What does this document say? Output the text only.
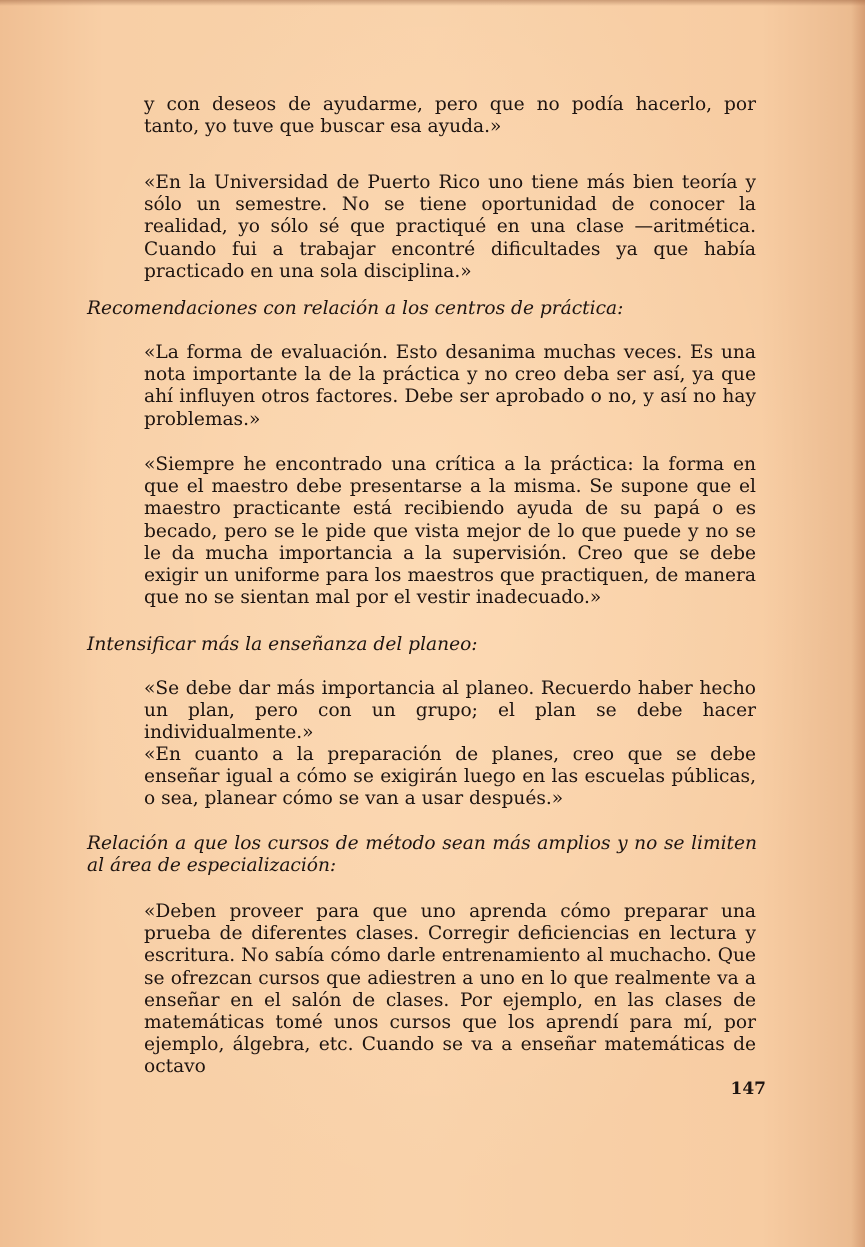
y con deseos de ayudarme, pero que no podía hacerlo, por tanto, yo tuve que buscar esa ayuda.»

«En la Universidad de Puerto Rico uno tiene más bien teoría y sólo un semestre. No se tiene oportunidad de conocer la realidad, yo sólo sé que practiqué en una clase —aritmética. Cuando fui a trabajar encontré dificultades ya que había practicado en una sola disciplina.»

Recomendaciones con relación a los centros de práctica:

«La forma de evaluación. Esto desanima muchas veces. Es una nota importante la de la práctica y no creo deba ser así, ya que ahí influyen otros factores. Debe ser aprobado o no, y así no hay problemas.»

«Siempre he encontrado una crítica a la práctica: la forma en que el maestro debe presentarse a la misma. Se supone que el maestro practicante está recibiendo ayuda de su papá o es becado, pero se le pide que vista mejor de lo que puede y no se le da mucha importancia a la supervisión. Creo que se debe exigir un uniforme para los maestros que practiquen, de manera que no se sientan mal por el vestir inadecuado.»

Intensificar más la enseñanza del planeo:

«Se debe dar más importancia al planeo. Recuerdo haber hecho un plan, pero con un grupo; el plan se debe hacer individualmente.»

«En cuanto a la preparación de planes, creo que se debe enseñar igual a cómo se exigirán luego en las escuelas públicas, o sea, planear cómo se van a usar después.»

Relación a que los cursos de método sean más amplios y no se limiten al área de especialización:

«Deben proveer para que uno aprenda cómo preparar una prueba de diferentes clases. Corregir deficiencias en lectura y escritura. No sabía cómo darle entrenamiento al muchacho. Que se ofrezcan cursos que adiestren a uno en lo que realmente va a enseñar en el salón de clases. Por ejemplo, en las clases de matemáticas tomé unos cursos que los aprendí para mí, por ejemplo, álgebra, etc. Cuando se va a enseñar matemáticas de octavo

147
